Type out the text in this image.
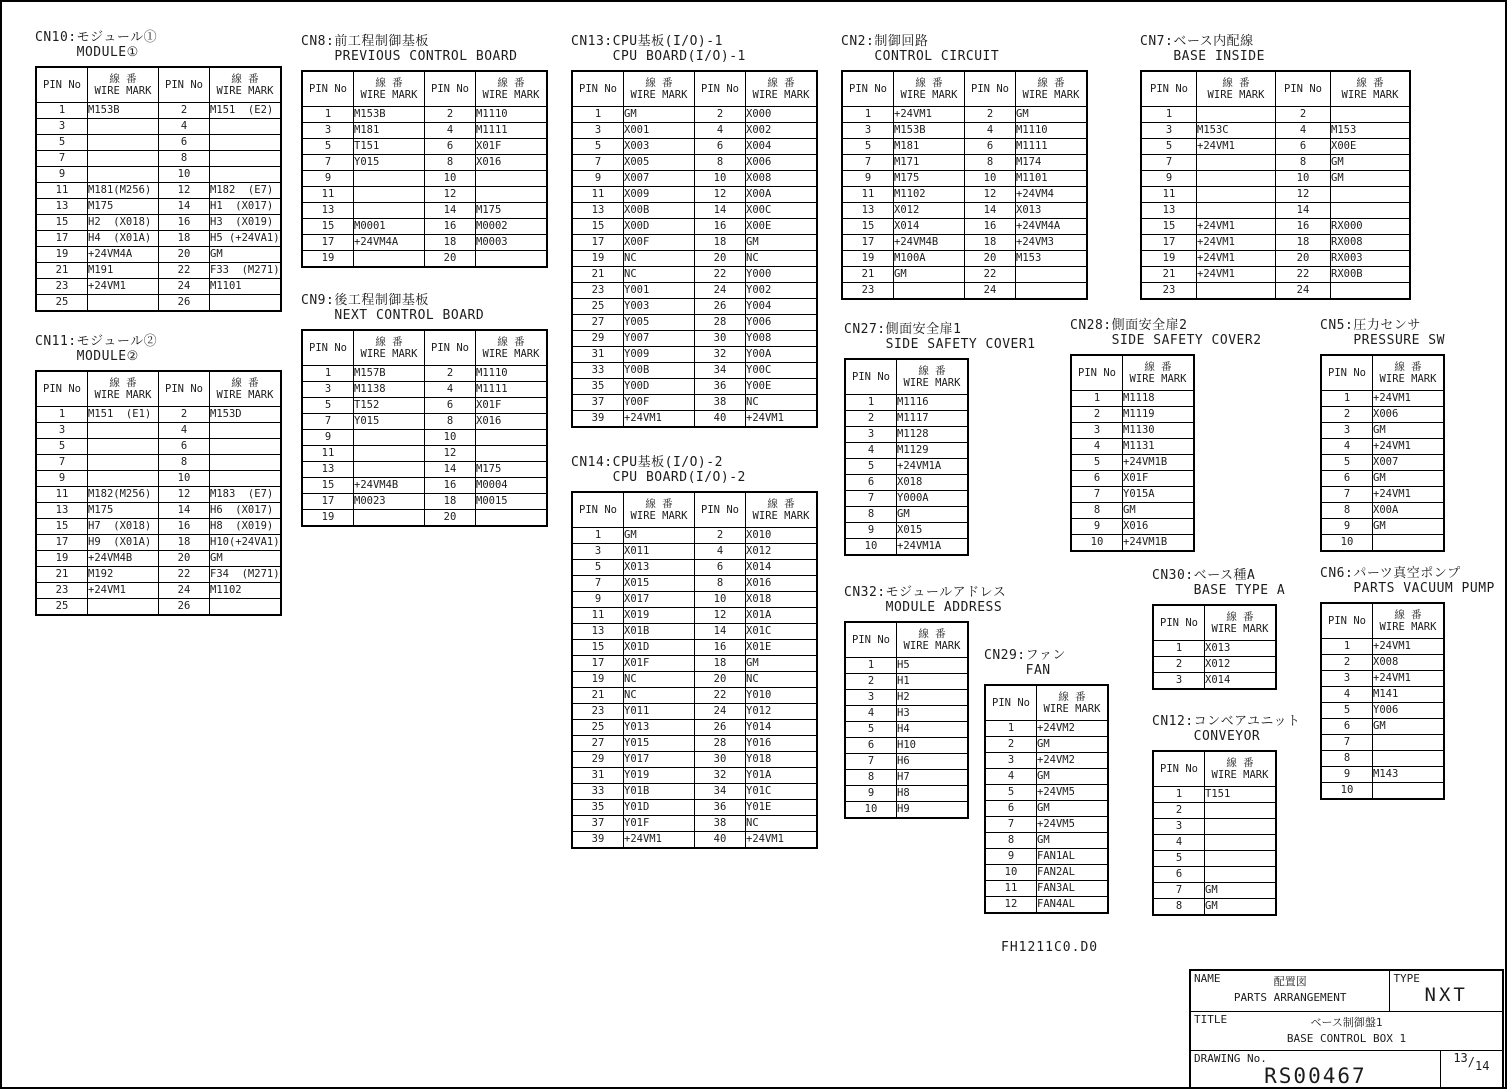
CN10:モジュール①
MODULE①
PIN No	線 番
WIRE MARK	PIN No	線 番
WIRE MARK
1	M153B	2	M151  (E2)
3		4	
5		6	
7		8	
9		10	
11	M181(M256)	12	M182  (E7)
13	M175	14	H1  (X017)
15	H2  (X018)	16	H3  (X019)
17	H4  (X01A)	18	H5 (+24VA1)
19	+24VM4A	20	GM
21	M191	22	F33  (M271)
23	+24VM1	24	M1101
25		26	
CN11:モジュール②
MODULE②
PIN No	線 番
WIRE MARK	PIN No	線 番
WIRE MARK
1	M151  (E1)	2	M153D
3		4	
5		6	
7		8	
9		10	
11	M182(M256)	12	M183  (E7)
13	M175	14	H6  (X017)
15	H7  (X018)	16	H8  (X019)
17	H9  (X01A)	18	H10(+24VA1)
19	+24VM4B	20	GM
21	M192	22	F34  (M271)
23	+24VM1	24	M1102
25		26	
CN8:前工程制御基板
PREVIOUS CONTROL BOARD
PIN No	線 番
WIRE MARK	PIN No	線 番
WIRE MARK
1	M153B	2	M1110
3	M181	4	M1111
5	T151	6	X01F
7	Y015	8	X016
9		10	
11		12	
13		14	M175
15	M0001	16	M0002
17	+24VM4A	18	M0003
19		20	
CN9:後工程制御基板
NEXT CONTROL BOARD
PIN No	線 番
WIRE MARK	PIN No	線 番
WIRE MARK
1	M157B	2	M1110
3	M1138	4	M1111
5	T152	6	X01F
7	Y015	8	X016
9		10	
11		12	
13		14	M175
15	+24VM4B	16	M0004
17	M0023	18	M0015
19		20	
CN13:CPU基板(I/O)-1
CPU BOARD(I/O)-1
PIN No	線 番
WIRE MARK	PIN No	線 番
WIRE MARK
1	GM	2	X000
3	X001	4	X002
5	X003	6	X004
7	X005	8	X006
9	X007	10	X008
11	X009	12	X00A
13	X00B	14	X00C
15	X00D	16	X00E
17	X00F	18	GM
19	NC	20	NC
21	NC	22	Y000
23	Y001	24	Y002
25	Y003	26	Y004
27	Y005	28	Y006
29	Y007	30	Y008
31	Y009	32	Y00A
33	Y00B	34	Y00C
35	Y00D	36	Y00E
37	Y00F	38	NC
39	+24VM1	40	+24VM1
CN14:CPU基板(I/O)-2
CPU BOARD(I/O)-2
PIN No	線 番
WIRE MARK	PIN No	線 番
WIRE MARK
1	GM	2	X010
3	X011	4	X012
5	X013	6	X014
7	X015	8	X016
9	X017	10	X018
11	X019	12	X01A
13	X01B	14	X01C
15	X01D	16	X01E
17	X01F	18	GM
19	NC	20	NC
21	NC	22	Y010
23	Y011	24	Y012
25	Y013	26	Y014
27	Y015	28	Y016
29	Y017	30	Y018
31	Y019	32	Y01A
33	Y01B	34	Y01C
35	Y01D	36	Y01E
37	Y01F	38	NC
39	+24VM1	40	+24VM1
CN2:制御回路
CONTROL CIRCUIT
PIN No	線 番
WIRE MARK	PIN No	線 番
WIRE MARK
1	+24VM1	2	GM
3	M153B	4	M1110
5	M181	6	M1111
7	M171	8	M174
9	M175	10	M1101
11	M1102	12	+24VM4
13	X012	14	X013
15	X014	16	+24VM4A
17	+24VM4B	18	+24VM3
19	M100A	20	M153
21	GM	22	
23		24	
CN27:側面安全扉1
SIDE SAFETY COVER1
PIN No	線 番
WIRE MARK
1	M1116
2	M1117
3	M1128
4	M1129
5	+24VM1A
6	X018
7	Y000A
8	GM
9	X015
10	+24VM1A
CN32:モジュールアドレス
MODULE ADDRESS
PIN No	線 番
WIRE MARK
1	H5
2	H1
3	H2
4	H3
5	H4
6	H10
7	H6
8	H7
9	H8
10	H9
CN29:ファン
FAN
PIN No	線 番
WIRE MARK
1	+24VM2
2	GM
3	+24VM2
4	GM
5	+24VM5
6	GM
7	+24VM5
8	GM
9	FAN1AL
10	FAN2AL
11	FAN3AL
12	FAN4AL
CN7:ベース内配線
BASE INSIDE
PIN No	線 番
WIRE MARK	PIN No	線 番
WIRE MARK
1		2	
3	M153C	4	M153
5	+24VM1	6	X00E
7		8	GM
9		10	GM
11		12	
13		14	
15	+24VM1	16	RX000
17	+24VM1	18	RX008
19	+24VM1	20	RX003
21	+24VM1	22	RX00B
23		24	
CN28:側面安全扉2
SIDE SAFETY COVER2
PIN No	線 番
WIRE MARK
1	M1118
2	M1119
3	M1130
4	M1131
5	+24VM1B
6	X01F
7	Y015A
8	GM
9	X016
10	+24VM1B
CN5:圧力センサ
PRESSURE SW
PIN No	線 番
WIRE MARK
1	+24VM1
2	X006
3	GM
4	+24VM1
5	X007
6	GM
7	+24VM1
8	X00A
9	GM
10	
CN30:ベース種A
BASE TYPE A
PIN No	線 番
WIRE MARK
1	X013
2	X012
3	X014
CN12:コンベアユニット
CONVEYOR
PIN No	線 番
WIRE MARK
1	T151
2	
3	
4	
5	
6	
7	GM
8	GM
CN6:パーツ真空ポンプ
PARTS VACUUM PUMP
PIN No	線 番
WIRE MARK
1	+24VM1
2	X008
3	+24VM1
4	M141
5	Y006
6	GM
7	
8	
9	M143
10	
FH1211C0.D0
NAME	配置図
PARTS ARRANGEMENT
TYPE
NXT
TITLE	ベース制御盤1
BASE CONTROL BOX 1
DRAWING No.
RS00467
13/14
